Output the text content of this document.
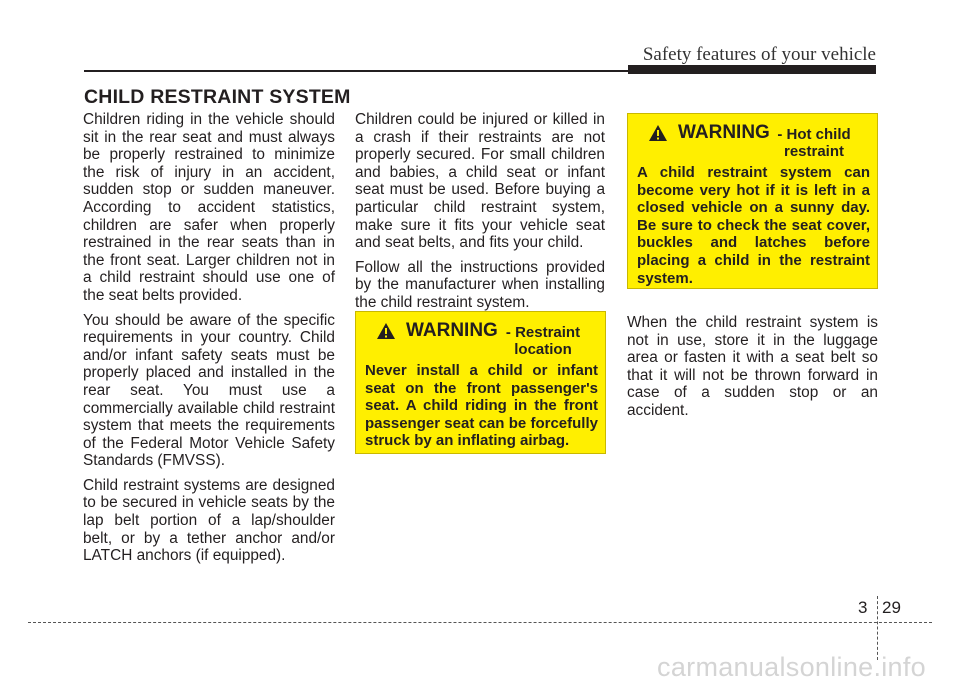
Safety features of your vehicle
CHILD RESTRAINT SYSTEM

Children riding in the vehicle should sit in the rear seat and must always be properly restrained to minimize the risk of injury in an accident, sudden stop or sudden maneuver. According to accident statistics, children are safer when properly restrained in the rear seats than in the front seat. Larger children not in a child restraint should use one of the seat belts provided.

You should be aware of the specific requirements in your country. Child and/or infant safety seats must be properly placed and installed in the rear seat. You must use a commercially available child restraint system that meets the requirements of the Federal Motor Vehicle Safety Standards (FMVSS).

Child restraint systems are designed to be secured in vehicle seats by the lap belt portion of a lap/shoulder belt, or by a tether anchor and/or LATCH anchors (if equipped).

Children could be injured or killed in a crash if their restraints are not properly secured. For small children and babies, a child seat or infant seat must be used. Before buying a particular child restraint system, make sure it fits your vehicle seat and seat belts, and fits your child.

Follow all the instructions provided by the manufacturer when installing the child restraint system.

WARNING - Restraint location
Never install a child or infant seat on the front passenger's seat. A child riding in the front passenger seat can be forcefully struck by an inflating airbag.
WARNING - Hot child restraint
A child restraint system can become very hot if it is left in a closed vehicle on a sunny day. Be sure to check the seat cover, buckles and latches before placing a child in the restraint system.

When the child restraint system is not in use, store it in the luggage area or fasten it with a seat belt so that it will not be thrown forward in case of a sudden stop or an accident.

3 29
carmanualsonline.info
